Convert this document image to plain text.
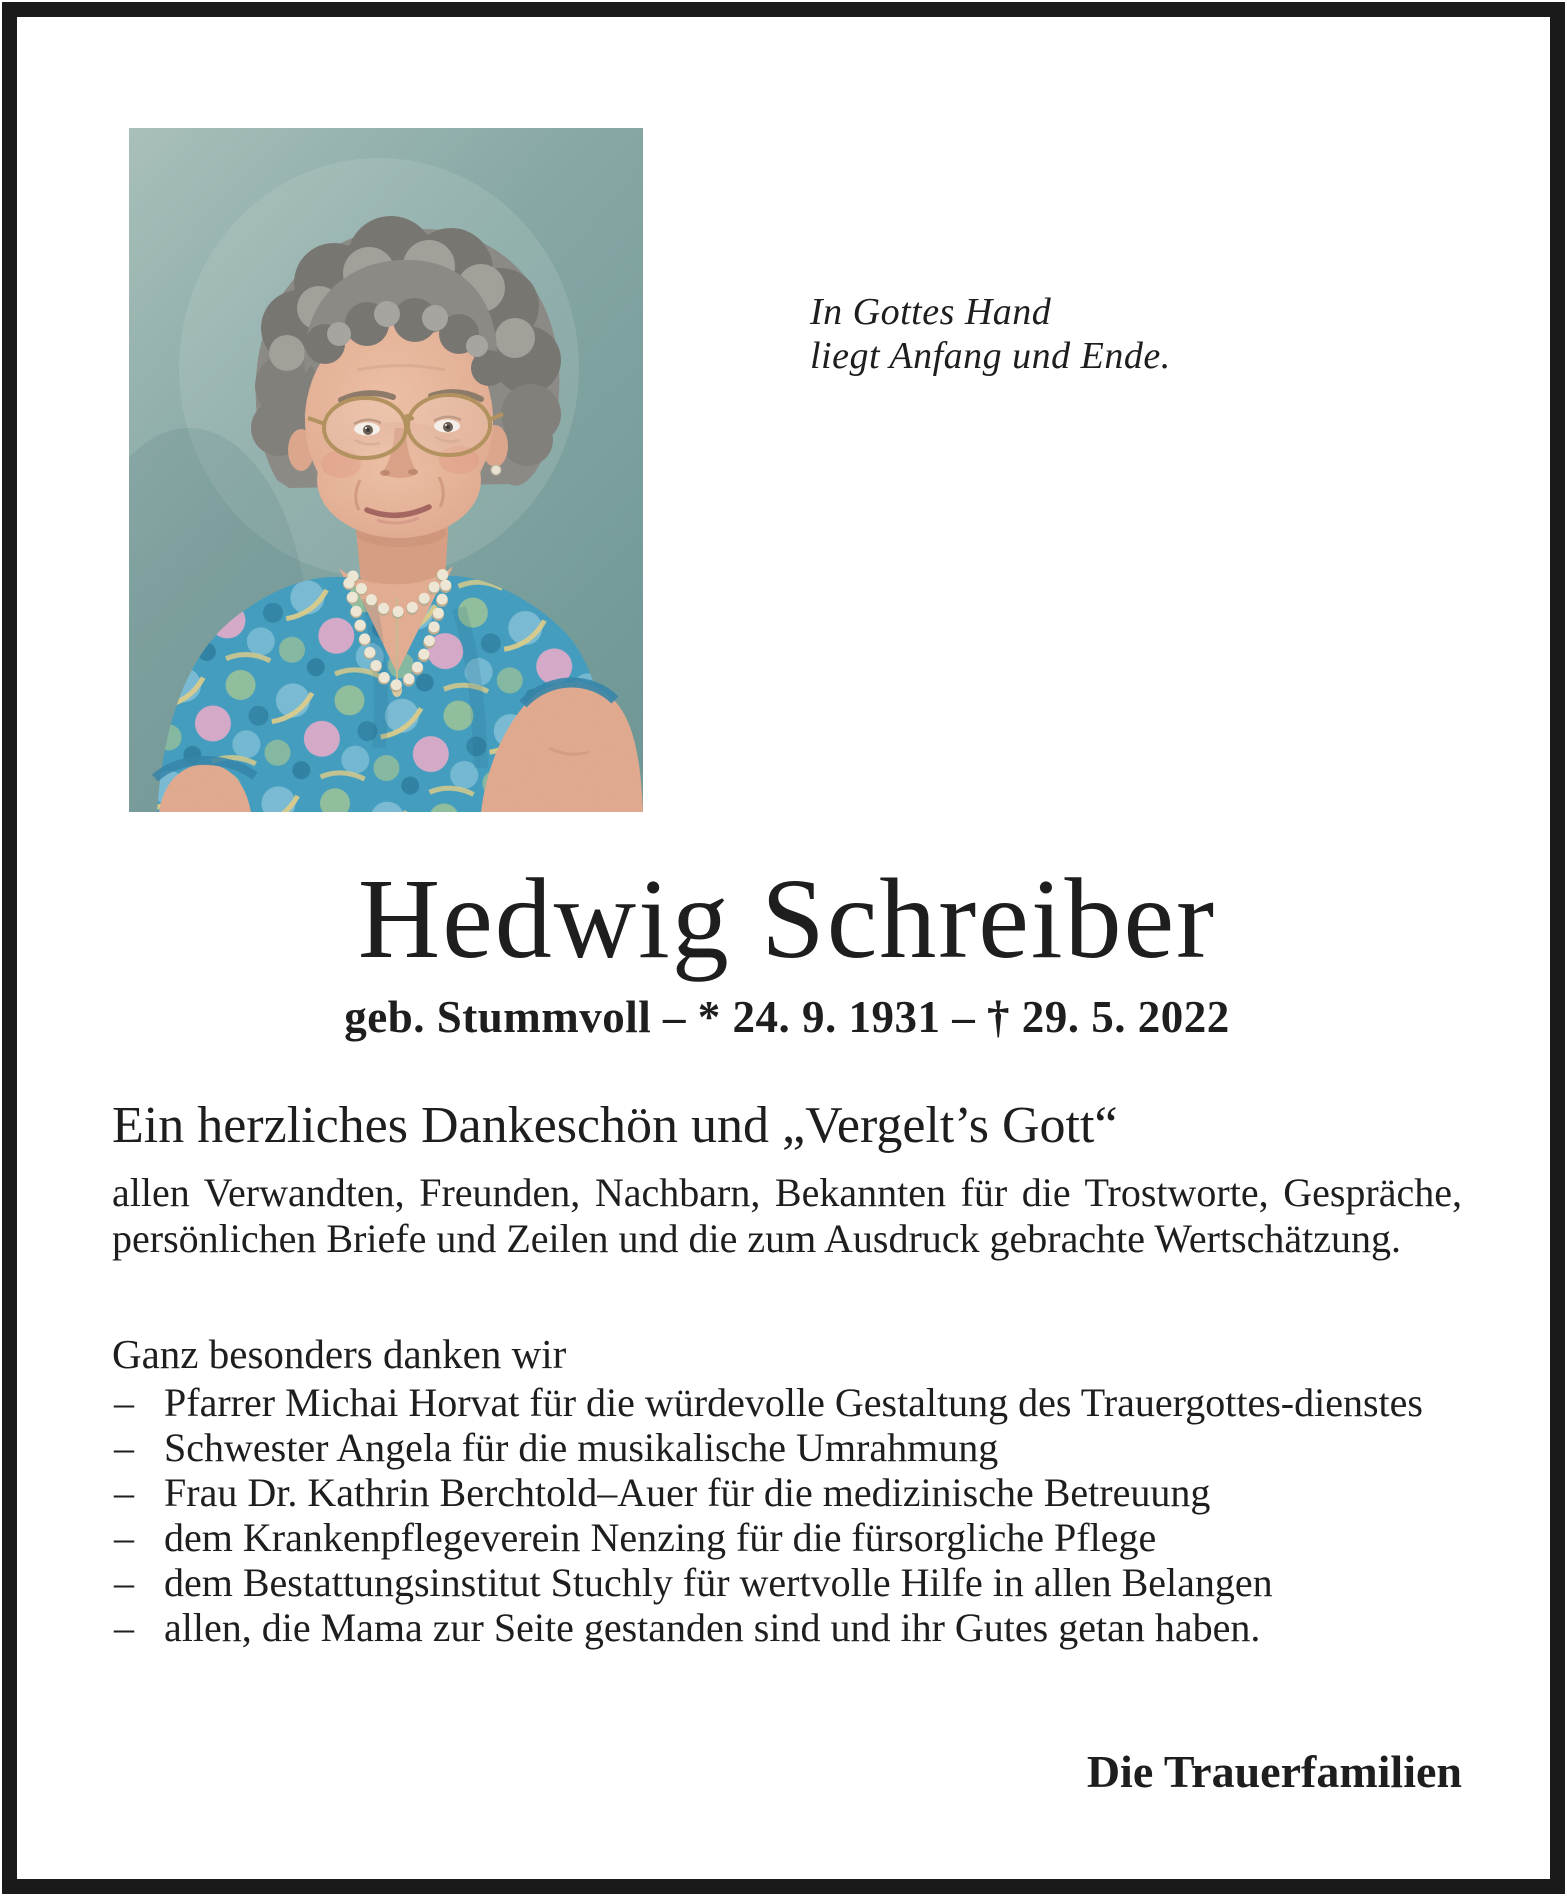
In Gottes Hand
liegt Anfang und Ende.
Hedwig Schreiber
geb. Stummvoll – * 24. 9. 1931 – † 29. 5. 2022
Ein herzliches Dankeschön und „Vergelt’s Gott“

allen Verwandten, Freunden, Nachbarn, Bekannten für die Trostworte, Gespräche, persönlichen Briefe und Zeilen und die zum Ausdruck gebrachte Wertschätzung.

Ganz besonders danken wir
– Pfarrer Michai Horvat für die würdevolle Gestaltung des Trauergottes-dienstes
– Schwester Angela für die musikalische Umrahmung
– Frau Dr. Kathrin Berchtold–Auer für die medizinische Betreuung
– dem Krankenpflegeverein Nenzing für die fürsorgliche Pflege
– dem Bestattungsinstitut Stuchly für wertvolle Hilfe in allen Belangen
– allen, die Mama zur Seite gestanden sind und ihr Gutes getan haben.
Die Trauerfamilien
